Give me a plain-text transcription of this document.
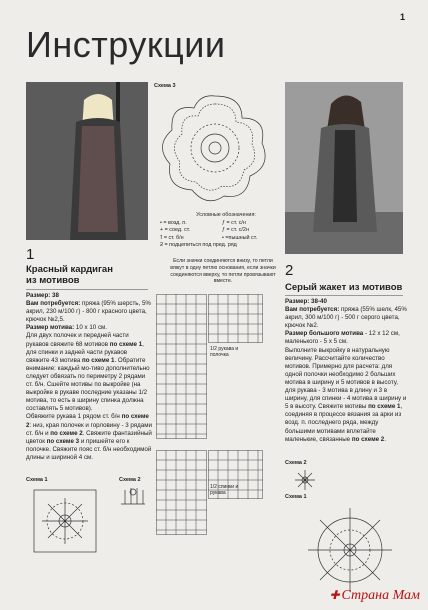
1
Инструкции
Схема 3
Условные обозначения:
• = возд. п.	ƒ = ст. с/н
+ = соед. ст.	ƒ = ст. с/2н
ꝉ = ст. б/н	• =пышный ст.
ƻ = подцепиться под пред. ряд
Если значки соединяются внизу, то петли вяжут в одну петлю основания, если значки соединяются вверху, то петли провязывают вместе.
1
Красный кардиган из мотивов
Размер: 38
Вам потребуется: пряжа (95% шерсть, 5% акрил, 230 м/100 г) - 800 г красного цвета, крючок №2,5.
Размер мотива: 10 x 10 см.
Для двух полочек и передней части рукавов свяжите 68 мотивов по схеме 1, для спинки и задней части рукавов свяжите 43 мотива по схеме 1. Обратите внимание: каждый мо-тиво дополнительно следует обвязать по периметру 2 рядами ст. б/н. Сшейте мотивы по выкройке (на выкройке в рукаве последние указаны 1/2 мотива, то есть в ширину спинка должна составлять 5 мотивов).
Обвяжите рукава 1 рядом ст. б/н по схеме 2: низ, края полочек и горловину - 3 рядами ст. б/н и по схеме 2. Свяжите фантазийный цветок по схеме 3 и пришейте его к полочке. Свяжите пояс ст. б/н необходимой длины и шириной 4 см.
Схема 1	Схема 2
1/2 рукава и полочка
1/2 спинки и рукава
2
Серый жакет из мотивов
Размер: 38-40
Вам потребуется: пряжа (55% шелк, 45% акрил, 300 м/100 г) - 500 г серого цвета, крючок №2.
Размер большого мотива - 12 x 12 см, маленького - 5 x 5 см.
Выполните выкройку в натуральную величину. Рассчитайте количество мотивов. Примерно для расчета: для одной полочки необходимо 2 больших мотива в ширину и 5 мотивов в высоту, для рукава - 3 мотива в длину и 3 в ширину, для спинки - 4 мотива в ширину и 5 в высоту. Свяжите мотивы по схеме 1, соединяя в процессе вязания за арки из возд. п. последнего ряда, между большими мотивами вплетайте маленькие, связанные по схеме 2.
Схема 2
Схема 1
✚ Страна Мам
